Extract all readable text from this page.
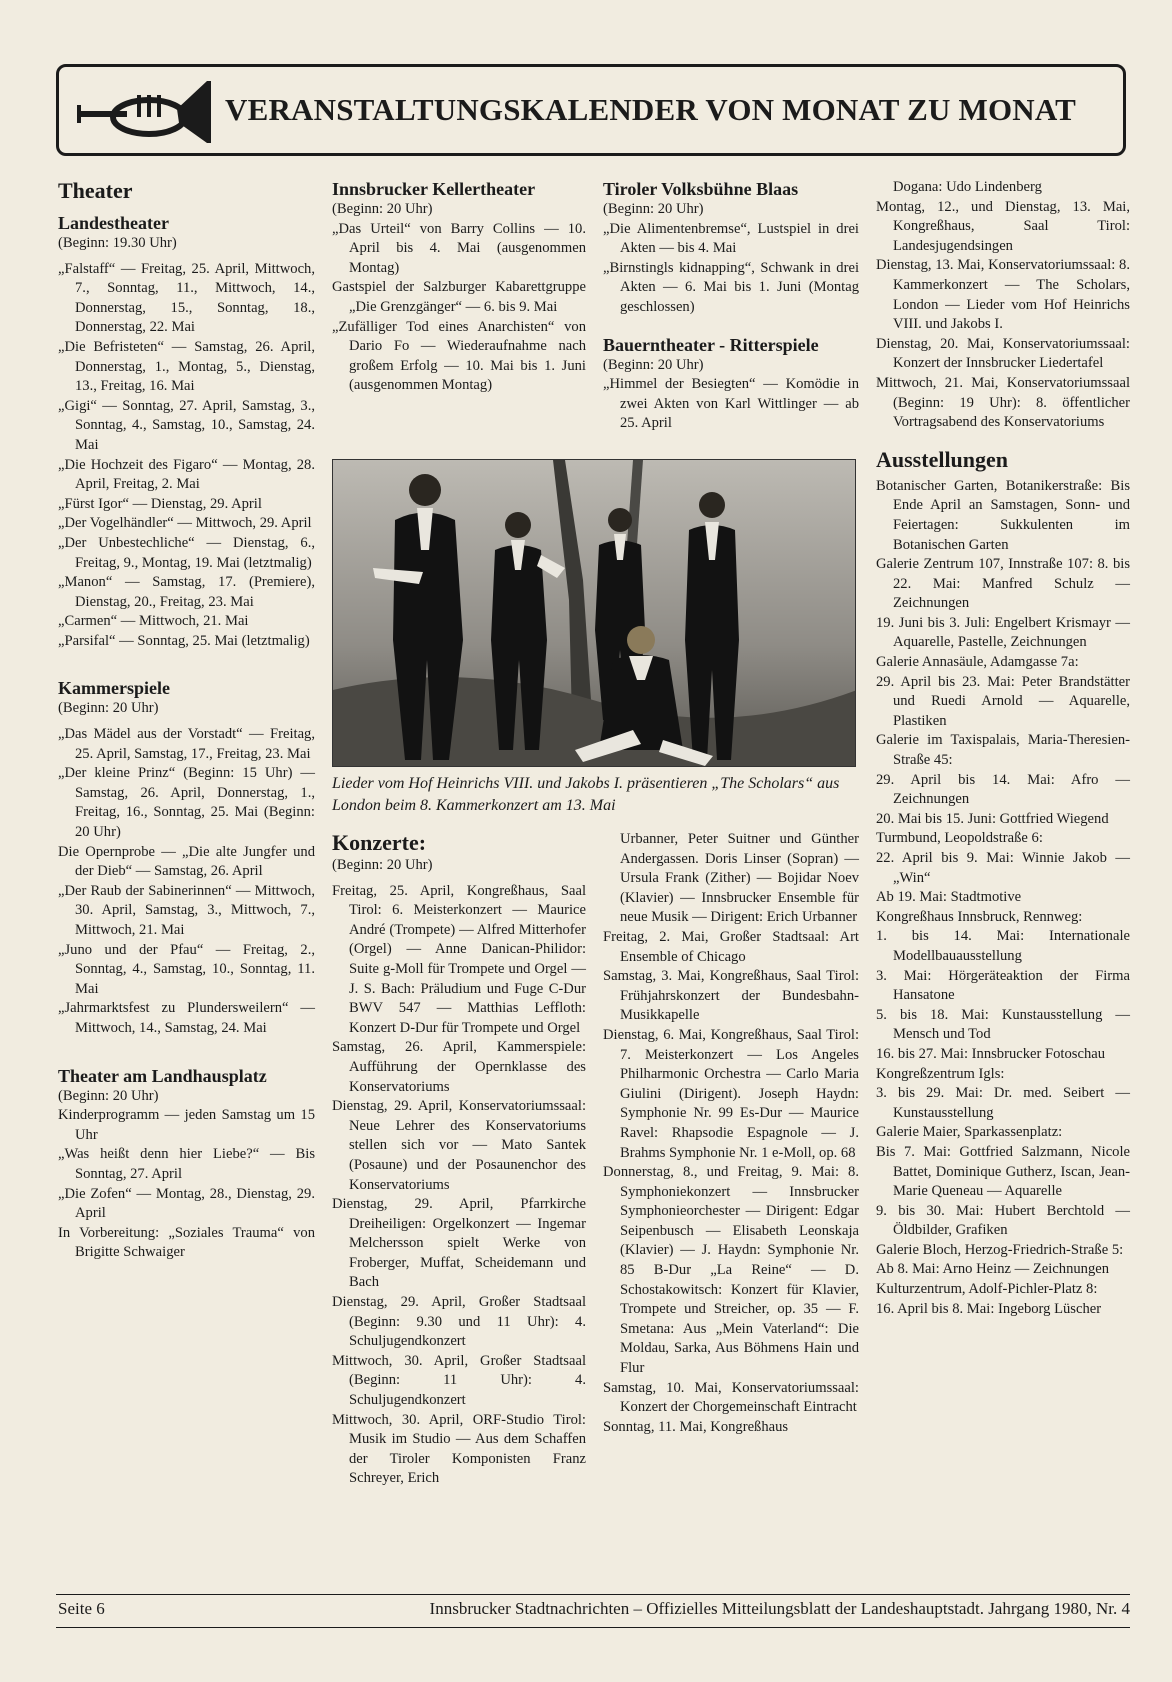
VERANSTALTUNGSKALENDER VON MONAT ZU MONAT
Theater
Landestheater
(Beginn: 19.30 Uhr)

„Falstaff“ — Freitag, 25. April, Mittwoch, 7., Sonntag, 11., Mittwoch, 14., Donnerstag, 15., Sonntag, 18., Donnerstag, 22. Mai

„Die Befristeten“ — Samstag, 26. April, Donnerstag, 1., Montag, 5., Dienstag, 13., Freitag, 16. Mai

„Gigi“ — Sonntag, 27. April, Samstag, 3., Sonntag, 4., Samstag, 10., Samstag, 24. Mai

„Die Hochzeit des Figaro“ — Montag, 28. April, Freitag, 2. Mai

„Fürst Igor“ — Dienstag, 29. April

„Der Vogelhändler“ — Mittwoch, 29. April

„Der Unbestechliche“ — Dienstag, 6., Freitag, 9., Montag, 19. Mai (letztmalig)

„Manon“ — Samstag, 17. (Premiere), Dienstag, 20., Freitag, 23. Mai

„Carmen“ — Mittwoch, 21. Mai

„Parsifal“ — Sonntag, 25. Mai (letztmalig)

Kammerspiele
(Beginn: 20 Uhr)

„Das Mädel aus der Vorstadt“ — Freitag, 25. April, Samstag, 17., Freitag, 23. Mai

„Der kleine Prinz“ (Beginn: 15 Uhr) — Samstag, 26. April, Donnerstag, 1., Freitag, 16., Sonntag, 25. Mai (Beginn: 20 Uhr)

Die Opernprobe — „Die alte Jungfer und der Dieb“ — Samstag, 26. April

„Der Raub der Sabinerinnen“ — Mittwoch, 30. April, Samstag, 3., Mittwoch, 7., Mittwoch, 21. Mai

„Juno und der Pfau“ — Freitag, 2., Sonntag, 4., Samstag, 10., Sonntag, 11. Mai

„Jahrmarktsfest zu Plundersweilern“ — Mittwoch, 14., Samstag, 24. Mai

Theater am Landhausplatz
(Beginn: 20 Uhr)

Kinderprogramm — jeden Samstag um 15 Uhr

„Was heißt denn hier Liebe?“ — Bis Sonntag, 27. April

„Die Zofen“ — Montag, 28., Dienstag, 29. April

In Vorbereitung: „Soziales Trauma“ von Brigitte Schwaiger

Innsbrucker Kellertheater
(Beginn: 20 Uhr)

„Das Urteil“ von Barry Collins — 10. April bis 4. Mai (ausgenommen Montag)

Gastspiel der Salzburger Kabarettgruppe „Die Grenzgänger“ — 6. bis 9. Mai

„Zufälliger Tod eines Anarchisten“ von Dario Fo — Wiederaufnahme nach großem Erfolg — 10. Mai bis 1. Juni (ausgenommen Montag)

Tiroler Volksbühne Blaas
(Beginn: 20 Uhr)

„Die Alimentenbremse“, Lustspiel in drei Akten — bis 4. Mai

„Birnstingls kidnapping“, Schwank in drei Akten — 6. Mai bis 1. Juni (Montag geschlossen)

Bauerntheater - Ritterspiele
(Beginn: 20 Uhr)

„Himmel der Besiegten“ — Komödie in zwei Akten von Karl Wittlinger — ab 25. April

Lieder vom Hof Heinrichs VIII. und Jakobs I. präsentieren „The Scholars“ aus London beim 8. Kammerkonzert am 13. Mai
Konzerte:
(Beginn: 20 Uhr)

Freitag, 25. April, Kongreßhaus, Saal Tirol: 6. Meisterkonzert — Maurice André (Trompete) — Alfred Mitterhofer (Orgel) — Anne Danican-Philidor: Suite g-Moll für Trompete und Orgel — J. S. Bach: Präludium und Fuge C-Dur BWV 547 — Matthias Leffloth: Konzert D-Dur für Trompete und Orgel

Samstag, 26. April, Kammerspiele: Aufführung der Opernklasse des Konservatoriums

Dienstag, 29. April, Konservatoriumssaal: Neue Lehrer des Konservatoriums stellen sich vor — Mato Santek (Posaune) und der Posaunenchor des Konservatoriums

Dienstag, 29. April, Pfarrkirche Dreiheiligen: Orgelkonzert — Ingemar Melchersson spielt Werke von Froberger, Muffat, Scheidemann und Bach

Dienstag, 29. April, Großer Stadtsaal (Beginn: 9.30 und 11 Uhr): 4. Schuljugendkonzert

Mittwoch, 30. April, Großer Stadtsaal (Beginn: 11 Uhr): 4. Schuljugendkonzert

Mittwoch, 30. April, ORF-Studio Tirol: Musik im Studio — Aus dem Schaffen der Tiroler Komponisten Franz Schreyer, Erich

Urbanner, Peter Suitner und Günther Andergassen. Doris Linser (Sopran) — Ursula Frank (Zither) — Bojidar Noev (Klavier) — Innsbrucker Ensemble für neue Musik — Dirigent: Erich Urbanner

Freitag, 2. Mai, Großer Stadtsaal: Art Ensemble of Chicago

Samstag, 3. Mai, Kongreßhaus, Saal Tirol: Frühjahrskonzert der Bundesbahn-Musikkapelle

Dienstag, 6. Mai, Kongreßhaus, Saal Tirol: 7. Meisterkonzert — Los Angeles Philharmonic Orchestra — Carlo Maria Giulini (Dirigent). Joseph Haydn: Symphonie Nr. 99 Es-Dur — Maurice Ravel: Rhapsodie Espagnole — J. Brahms Symphonie Nr. 1 e-Moll, op. 68

Donnerstag, 8., und Freitag, 9. Mai: 8. Symphoniekonzert — Innsbrucker Symphonieorchester — Dirigent: Edgar Seipenbusch — Elisabeth Leonskaja (Klavier) — J. Haydn: Symphonie Nr. 85 B-Dur „La Reine“ — D. Schostakowitsch: Konzert für Klavier, Trompete und Streicher, op. 35 — F. Smetana: Aus „Mein Vaterland“: Die Moldau, Sarka, Aus Böhmens Hain und Flur

Samstag, 10. Mai, Konservatoriumssaal: Konzert der Chorgemeinschaft Eintracht

Sonntag, 11. Mai, Kongreßhaus

Dogana: Udo Lindenberg

Montag, 12., und Dienstag, 13. Mai, Kongreßhaus, Saal Tirol: Landesjugendsingen

Dienstag, 13. Mai, Konservatoriumssaal: 8. Kammerkonzert — The Scholars, London — Lieder vom Hof Heinrichs VIII. und Jakobs I.

Dienstag, 20. Mai, Konservatoriumssaal: Konzert der Innsbrucker Liedertafel

Mittwoch, 21. Mai, Konservatoriumssaal (Beginn: 19 Uhr): 8. öffentlicher Vortragsabend des Konservatoriums

Ausstellungen

Botanischer Garten, Botanikerstraße: Bis Ende April an Samstagen, Sonn- und Feiertagen: Sukkulenten im Botanischen Garten

Galerie Zentrum 107, Innstraße 107: 8. bis 22. Mai: Manfred Schulz — Zeichnungen

19. Juni bis 3. Juli: Engelbert Krismayr — Aquarelle, Pastelle, Zeichnungen

Galerie Annasäule, Adamgasse 7a:

29. April bis 23. Mai: Peter Brandstätter und Ruedi Arnold — Aquarelle, Plastiken

Galerie im Taxispalais, Maria-Theresien-Straße 45:

29. April bis 14. Mai: Afro — Zeichnungen

20. Mai bis 15. Juni: Gottfried Wiegend

Turmbund, Leopoldstraße 6:

22. April bis 9. Mai: Winnie Jakob — „Win“

Ab 19. Mai: Stadtmotive

Kongreßhaus Innsbruck, Rennweg:

1. bis 14. Mai: Internationale Modellbauausstellung

3. Mai: Hörgeräteaktion der Firma Hansatone

5. bis 18. Mai: Kunstausstellung — Mensch und Tod

16. bis 27. Mai: Innsbrucker Fotoschau

Kongreßzentrum Igls:

3. bis 29. Mai: Dr. med. Seibert — Kunstausstellung

Galerie Maier, Sparkassenplatz:

Bis 7. Mai: Gottfried Salzmann, Nicole Battet, Dominique Gutherz, Iscan, Jean-Marie Queneau — Aquarelle

9. bis 30. Mai: Hubert Berchtold — Öldbilder, Grafiken

Galerie Bloch, Herzog-Friedrich-Straße 5:

Ab 8. Mai: Arno Heinz — Zeichnungen

Kulturzentrum, Adolf-Pichler-Platz 8:

16. April bis 8. Mai: Ingeborg Lüscher

Seite 6	Innsbrucker Stadtnachrichten – Offizielles Mitteilungsblatt der Landeshauptstadt. Jahrgang 1980, Nr. 4
